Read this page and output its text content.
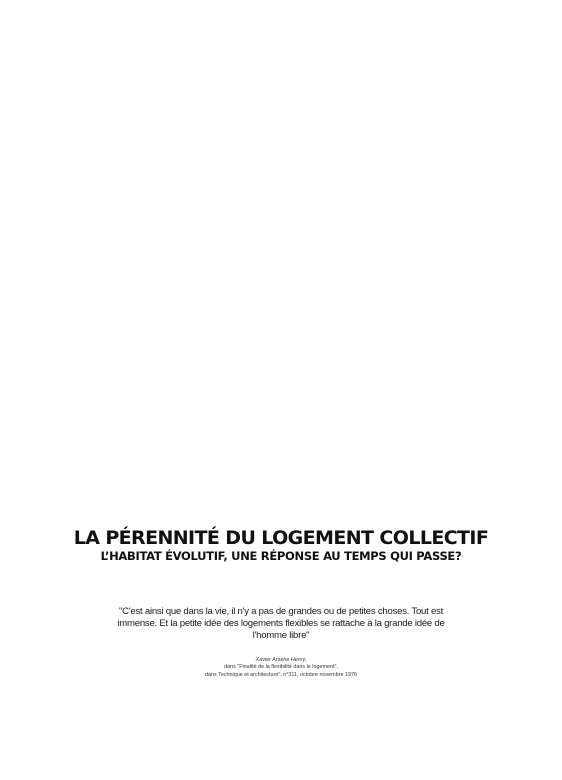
LA PÉRENNITÉ DU LOGEMENT COLLECTIF
L’HABITAT ÉVOLUTIF, UNE RÉPONSE AU TEMPS QUI PASSE?

"C'est ainsi que dans la vie, il n'y a pas de grandes ou de petites choses. Tout est immense. Et la petite idée des logements flexibles se rattache à la grande idée de l'homme libre"

Xavier Arsène Henry,
dans "Finalité de la flexibilité dans le logement",
dans Technique et architecture", n°311, octobre novembre 1976
